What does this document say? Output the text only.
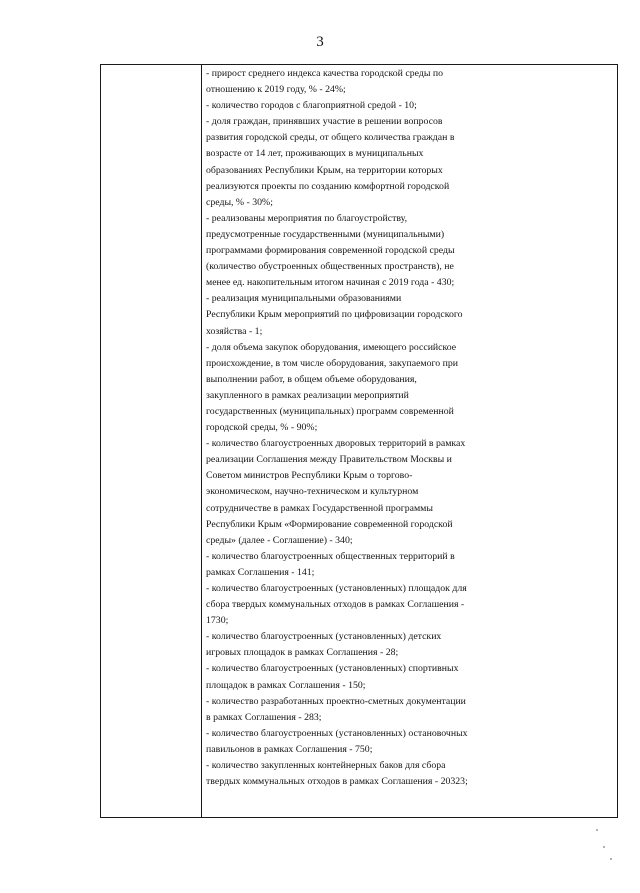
3
- прирост среднего индекса качества городской среды по
отношению к 2019 году, % - 24%;
- количество городов с благоприятной средой - 10;
- доля граждан, принявших участие в решении вопросов
развития городской среды, от общего количества граждан в
возрасте от 14 лет, проживающих в муниципальных
образованиях Республики Крым, на территории которых
реализуются проекты по созданию комфортной городской
среды, % - 30%;
- реализованы мероприятия по благоустройству,
предусмотренные государственными (муниципальными)
программами формирования современной городской среды
(количество обустроенных общественных пространств), не
менее ед. накопительным итогом начиная с 2019 года - 430;
- реализация муниципальными образованиями
Республики Крым мероприятий по цифровизации городского
хозяйства - 1;
- доля объема закупок оборудования, имеющего российское
происхождение, в том числе оборудования, закупаемого при
выполнении работ, в общем объеме оборудования,
закупленного в рамках реализации мероприятий
государственных (муниципальных) программ современной
городской среды, % - 90%;
- количество благоустроенных дворовых территорий в рамках
реализации Соглашения между Правительством Москвы и
Советом министров Республики Крым о торгово-
экономическом, научно-техническом и культурном
сотрудничестве в рамках Государственной программы
Республики Крым «Формирование современной городской
среды» (далее - Соглашение) - 340;
- количество благоустроенных общественных территорий в
рамках Соглашения - 141;
- количество благоустроенных (установленных) площадок для
сбора твердых коммунальных отходов в рамках Соглашения -
1730;
- количество благоустроенных (установленных) детских
игровых площадок в рамках Соглашения - 28;
- количество благоустроенных (установленных) спортивных
площадок в рамках Соглашения - 150;
- количество разработанных проектно-сметных документации
в рамках Соглашения - 283;
- количество благоустроенных (установленных) остановочных
павильонов в рамках Соглашения - 750;
- количество закупленных контейнерных баков для сбора
твердых коммунальных отходов в рамках Соглашения - 20323;
